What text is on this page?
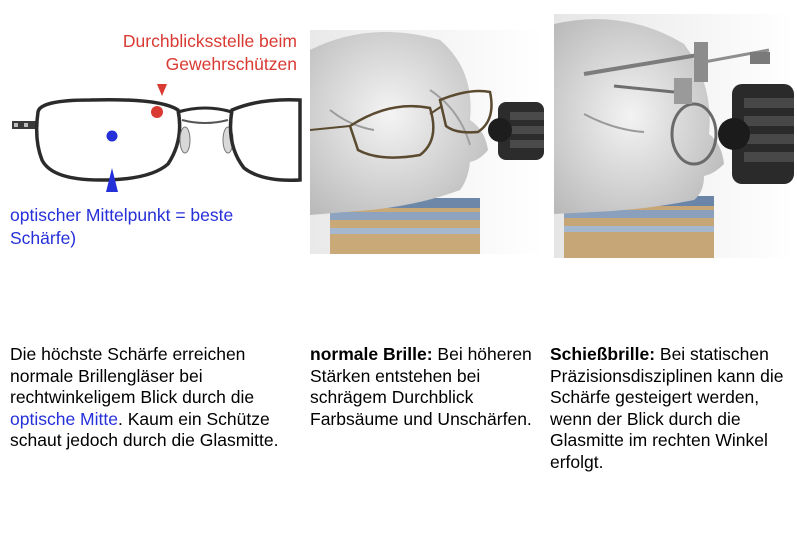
Durchblicksstelle beim Gewehrschützen
optischer Mittelpunkt = beste Schärfe)
Die höchste Schärfe erreichen normale Brillengläser bei rechtwinkeligem Blick durch die optische Mitte. Kaum ein Schütze schaut jedoch durch die Glasmitte.
normale Brille: Bei höheren Stärken entstehen bei schrägem Durchblick Farbsäume und Unschärfen.
Schießbrille: Bei statischen Präzisionsdisziplinen kann die Schärfe gesteigert werden, wenn der Blick durch die Glasmitte im rechten Winkel erfolgt.
